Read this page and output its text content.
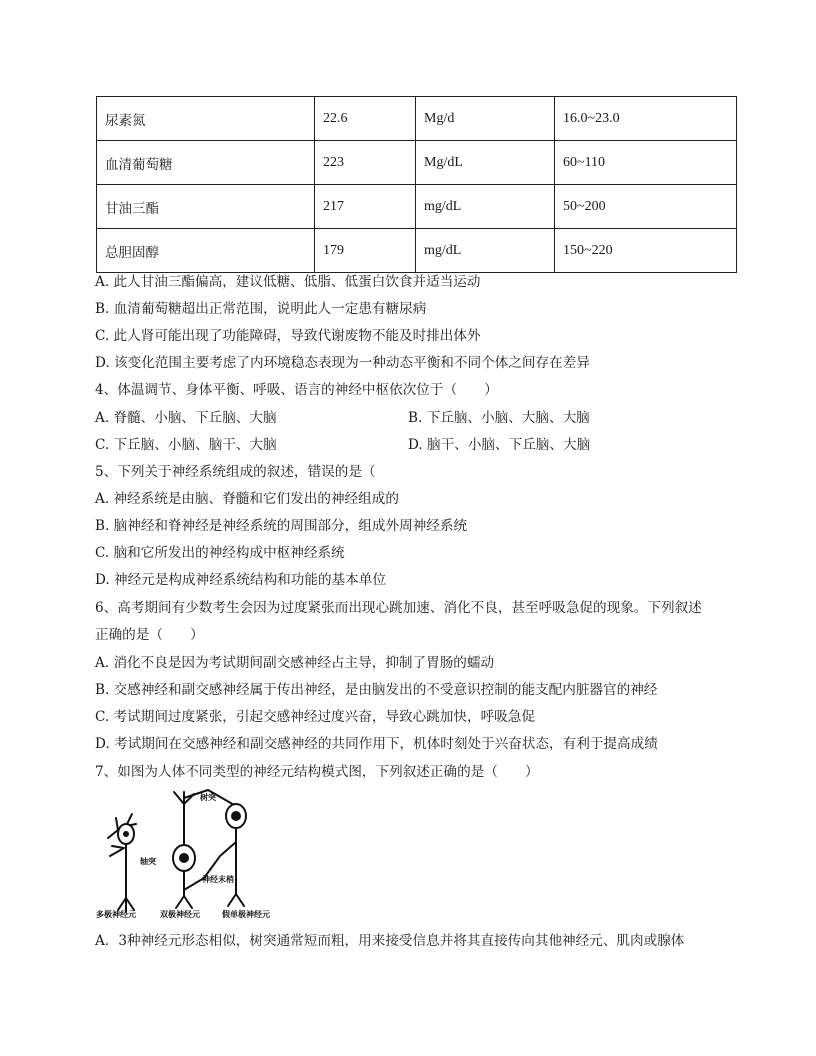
尿素氮	22.6	Mg/d	16.0~23.0
血清葡萄糖	223	Mg/dL	60~110
甘油三酯	217	mg/dL	50~200
总胆固醇	179	mg/dL	150~220
A. 此人甘油三酯偏高，建议低糖、低脂、低蛋白饮食并适当运动
B. 血清葡萄糖超出正常范围，说明此人一定患有糖尿病
C. 此人肾可能出现了功能障碍，导致代谢废物不能及时排出体外
D. 该变化范围主要考虑了内环境稳态表现为一种动态平衡和不同个体之间存在差异
4、体温调节、身体平衡、呼吸、语言的神经中枢依次位于（　　）
A. 脊髓、小脑、下丘脑、大脑	B. 下丘脑、小脑、大脑、大脑
C. 下丘脑、小脑、脑干、大脑	D. 脑干、小脑、下丘脑、大脑
5、下列关于神经系统组成的叙述，错误的是（
A. 神经系统是由脑、脊髓和它们发出的神经组成的
B. 脑神经和脊神经是神经系统的周围部分，组成外周神经系统
C. 脑和它所发出的神经构成中枢神经系统
D. 神经元是构成神经系统结构和功能的基本单位
6、高考期间有少数考生会因为过度紧张而出现心跳加速、消化不良，甚至呼吸急促的现象。下列叙述
正确的是（　　）
A. 消化不良是因为考试期间副交感神经占主导，抑制了胃肠的蠕动
B. 交感神经和副交感神经属于传出神经，是由脑发出的不受意识控制的能支配内脏器官的神经
C. 考试期间过度紧张，引起交感神经过度兴奋，导致心跳加快，呼吸急促
D. 考试期间在交感神经和副交感神经的共同作用下，机体时刻处于兴奋状态，有利于提高成绩
7、如图为人体不同类型的神经元结构模式图，下列叙述正确的是（　　）
树突
轴突
神经末梢
多极神经元	双极神经元	假单极神经元
A．3种神经元形态相似，树突通常短而粗，用来接受信息并将其直接传向其他神经元、肌肉或腺体
